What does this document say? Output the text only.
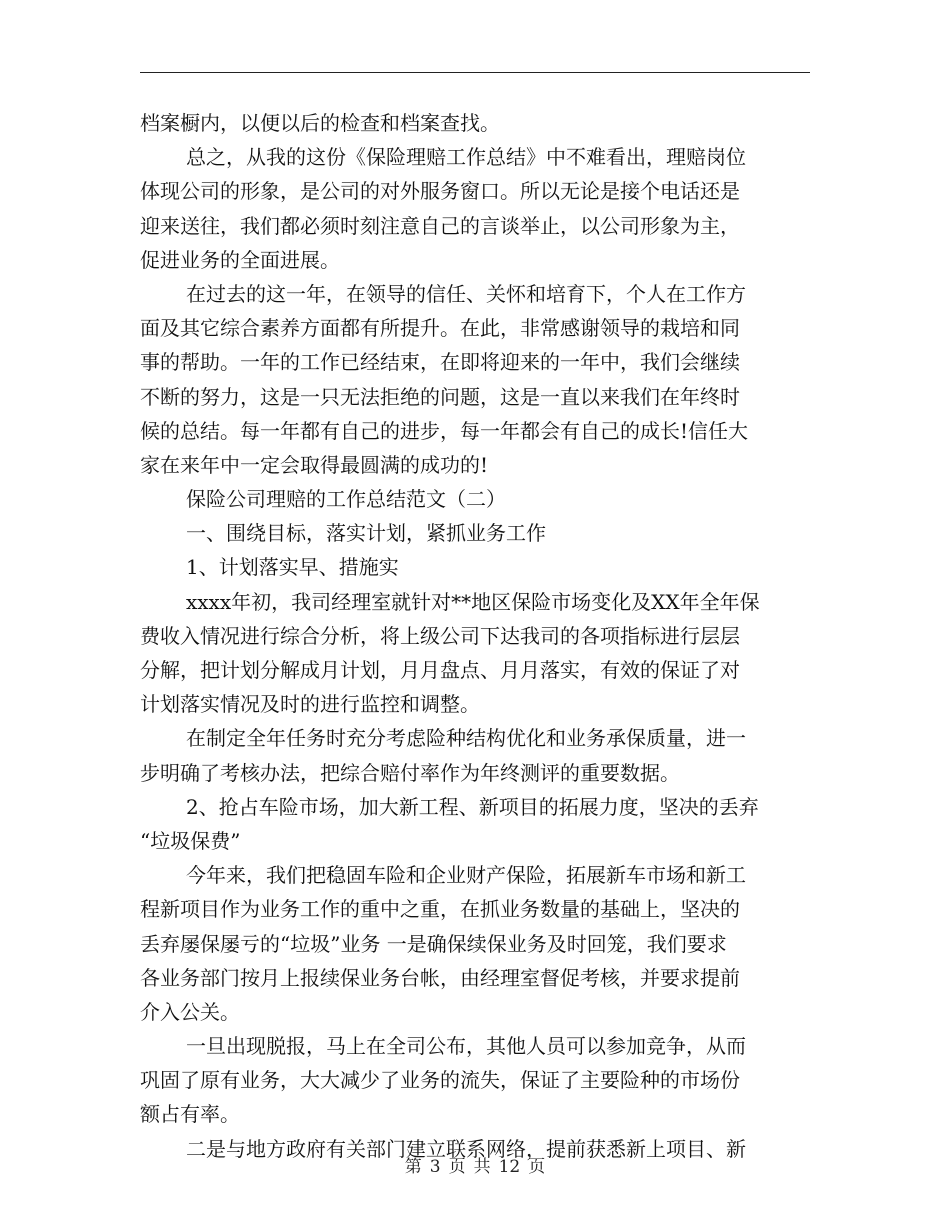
档案橱内，以便以后的检查和档案查找。
总之，从我的这份《保险理赔工作总结》中不难看出，理赔岗位
体现公司的形象，是公司的对外服务窗口。所以无论是接个电话还是
迎来送往，我们都必须时刻注意自己的言谈举止，以公司形象为主，
促进业务的全面进展。
在过去的这一年，在领导的信任、关怀和培育下，个人在工作方
面及其它综合素养方面都有所提升。在此，非常感谢领导的栽培和同
事的帮助。一年的工作已经结束，在即将迎来的一年中，我们会继续
不断的努力，这是一只无法拒绝的问题，这是一直以来我们在年终时
候的总结。每一年都有自己的进步，每一年都会有自己的成长!信任大
家在来年中一定会取得最圆满的成功的!
保险公司理赔的工作总结范文（二）
一、围绕目标，落实计划，紧抓业务工作
1、计划落实早、措施实
xxxx年初，我司经理室就针对**地区保险市场变化及XX年全年保
费收入情况进行综合分析，将上级公司下达我司的各项指标进行层层
分解，把计划分解成月计划，月月盘点、月月落实，有效的保证了对
计划落实情况及时的进行监控和调整。
在制定全年任务时充分考虑险种结构优化和业务承保质量，进一
步明确了考核办法，把综合赔付率作为年终测评的重要数据。
2、抢占车险市场，加大新工程、新项目的拓展力度，坚决的丢弃
“垃圾保费”
今年来，我们把稳固车险和企业财产保险，拓展新车市场和新工
程新项目作为业务工作的重中之重，在抓业务数量的基础上，坚决的
丢弃屡保屡亏的“垃圾”业务 一是确保续保业务及时回笼，我们要求
各业务部门按月上报续保业务台帐，由经理室督促考核，并要求提前
介入公关。
一旦出现脱报，马上在全司公布，其他人员可以参加竞争，从而
巩固了原有业务，大大减少了业务的流失，保证了主要险种的市场份
额占有率。
二是与地方政府有关部门建立联系网络，提前获悉新上项目、新
第 3 页 共 12 页
